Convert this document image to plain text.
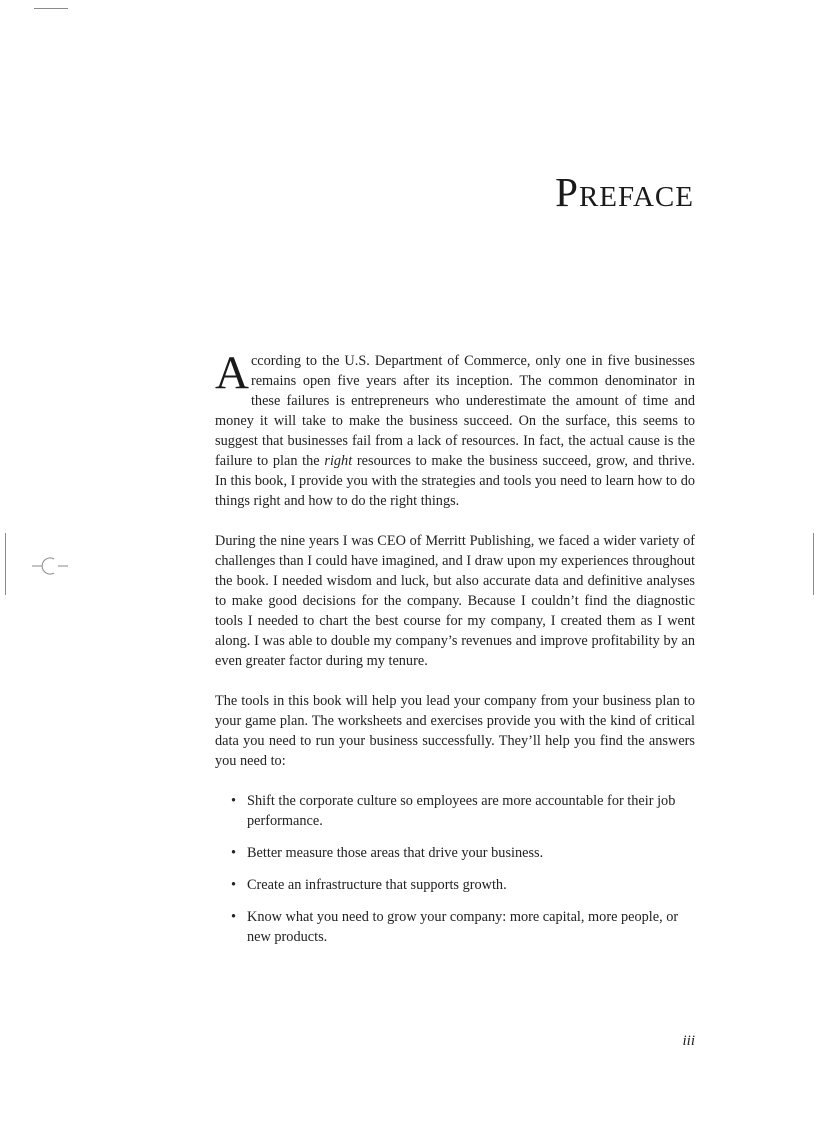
PREFACE

According to the U.S. Department of Commerce, only one in five businesses remains open five years after its inception. The common denominator in these failures is entrepreneurs who underestimate the amount of time and money it will take to make the business succeed. On the surface, this seems to suggest that businesses fail from a lack of resources. In fact, the actual cause is the failure to plan the right resources to make the business succeed, grow, and thrive. In this book, I provide you with the strategies and tools you need to learn how to do things right and how to do the right things.

During the nine years I was CEO of Merritt Publishing, we faced a wider variety of challenges than I could have imagined, and I draw upon my experiences throughout the book. I needed wisdom and luck, but also accurate data and definitive analyses to make good decisions for the company. Because I couldn’t find the diagnostic tools I needed to chart the best course for my company, I created them as I went along. I was able to double my company’s revenues and improve profitability by an even greater factor during my tenure.

The tools in this book will help you lead your company from your business plan to your game plan. The worksheets and exercises provide you with the kind of critical data you need to run your business successfully. They’ll help you find the answers you need to:

• Shift the corporate culture so employees are more accountable for their job performance.
• Better measure those areas that drive your business.
• Create an infrastructure that supports growth.
• Know what you need to grow your company: more capital, more people, or new products.
iii
